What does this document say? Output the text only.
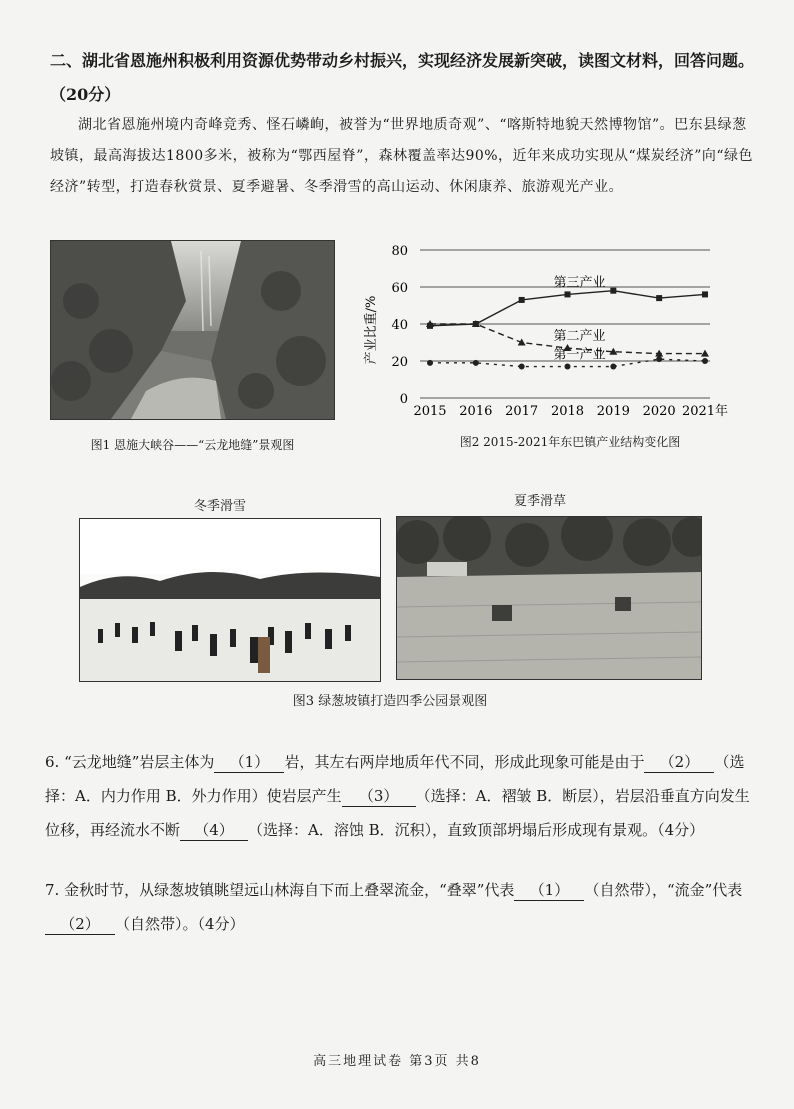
二、湖北省恩施州积极利用资源优势带动乡村振兴，实现经济发展新突破，读图文材料，回答问题。（20分）
湖北省恩施州境内奇峰竞秀、怪石嶙峋，被誉为“世界地质奇观”、“喀斯特地貌天然博物馆”。巴东县绿葱坡镇，最高海拔达1800多米，被称为“鄂西屋脊”，森林覆盖率达90%，近年来成功实现从“煤炭经济”向“绿色经济”转型，打造春秋赏景、夏季避暑、冬季滑雪的高山运动、休闲康养、旅游观光产业。
图1 恩施大峡谷——“云龙地缝”景观图
0
20
40
60
80
2015 2016 2017 2018 2019 2020 2021年
第三产业
第二产业
第一产业
产业比重/%
图2 2015-2021年东巴镇产业结构变化图
冬季滑雪	夏季滑草
图3 绿葱坡镇打造四季公园景观图
6. “云龙地缝”岩层主体为 （1） 岩，其左右两岸地质年代不同，形成此现象可能是由于 （2） （选择：A．内力作用 B．外力作用）使岩层产生 （3） （选择：A．褶皱 B．断层），岩层沿垂直方向发生位移，再经流水不断 （4） （选择：A．溶蚀 B．沉积），直致顶部坍塌后形成现有景观。（4分）
7. 金秋时节，从绿葱坡镇眺望远山林海自下而上叠翠流金，“叠翠”代表 （1） （自然带），“流金”代表（2） （自然带）。（4分）
高三地理试卷 第3页 共8
